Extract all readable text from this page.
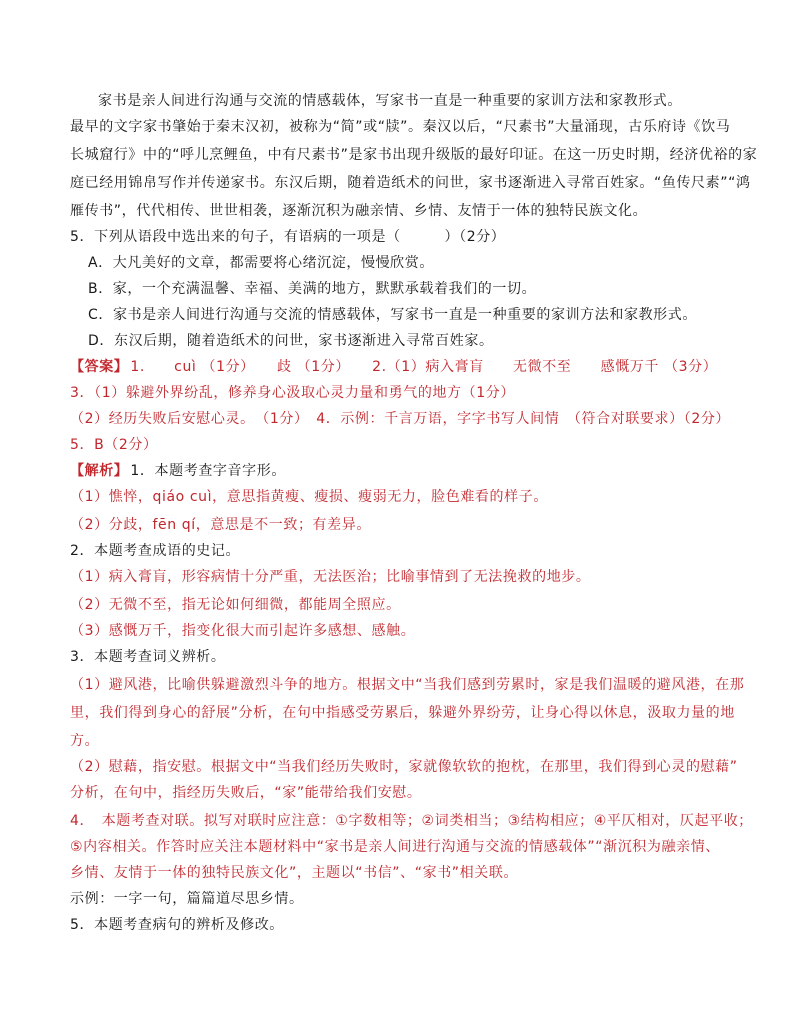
家书是亲人间进行沟通与交流的情感载体，写家书一直是一种重要的家训方法和家教形式。
最早的文字家书肇始于秦末汉初，被称为“简”或“牍”。秦汉以后，“尺素书”大量涌现，古乐府诗《饮马
长城窟行》中的“呼儿烹鲤鱼，中有尺素书”是家书出现升级版的最好印证。在这一历史时期，经济优裕的家
庭已经用锦帛写作并传递家书。东汉后期，随着造纸术的问世，家书逐渐进入寻常百姓家。“鱼传尺素”“鸿
雁传书”，代代相传、世世相袭，逐渐沉积为融亲情、乡情、友情于一体的独特民族文化。
5．下列从语段中选出来的句子，有语病的一项是（　　　）（2分）
A．大凡美好的文章，都需要将心绪沉淀，慢慢欣赏。
B．家，一个充满温馨、幸福、美满的地方，默默承载着我们的一切。
C．家书是亲人间进行沟通与交流的情感载体，写家书一直是一种重要的家训方法和家教形式。
D．东汉后期，随着造纸术的问世，家书逐渐进入寻常百姓家。
【答案】 1.　　cuì （1分）　　歧 （1分）　　2.（1）病入膏肓　　无微不至　　感慨万千 （3分）
3．（1）躲避外界纷乱，修养身心汲取心灵力量和勇气的地方（1分）
（2）经历失败后安慰心灵。　（1分）　4．示例：千言万语，字字书写人间情　（符合对联要求）（2分）
5．B（2分）
【解析】 1．本题考查字音字形。
（1）憔悴，qiáo cuì，意思指黄瘦、瘦损、瘦弱无力，脸色难看的样子。
（2）分歧，fēn qí，意思是不一致；有差异。
2．本题考查成语的史记。
（1）病入膏肓，形容病情十分严重，无法医治；比喻事情到了无法挽救的地步。
（2）无微不至，指无论如何细微，都能周全照应。
（3）感慨万千，指变化很大而引起许多感想、感触。
3．本题考查词义辨析。
（1）避风港，比喻供躲避激烈斗争的地方。根据文中“当我们感到劳累时，家是我们温暖的避风港，在那
里，我们得到身心的舒展”分析，在句中指感受劳累后，躲避外界纷劳，让身心得以休息，汲取力量的地
方。
（2）慰藉，指安慰。根据文中“当我们经历失败时，家就像软软的抱枕，在那里，我们得到心灵的慰藉”
分析，在句中，指经历失败后，“家”能带给我们安慰。
4．　本题考查对联。拟写对联时应注意：①字数相等；②词类相当；③结构相应；④平仄相对，仄起平收；
⑤内容相关。作答时应关注本题材料中“家书是亲人间进行沟通与交流的情感载体”“渐沉积为融亲情、
乡情、友情于一体的独特民族文化”，主题以“书信”、“家书”相关联。
示例：一字一句，篇篇道尽思乡情。
5．本题考查病句的辨析及修改。
